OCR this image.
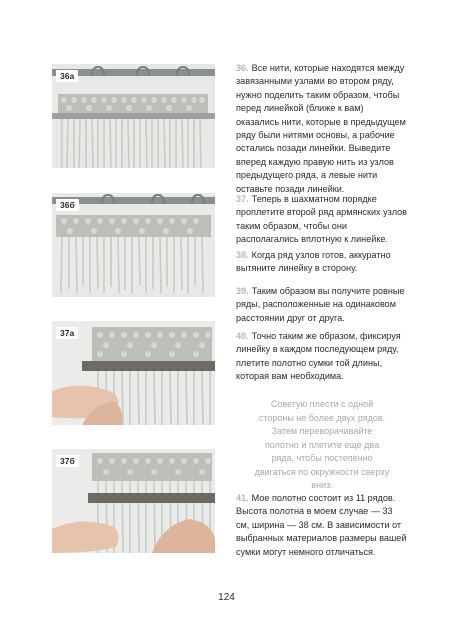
36а
36б
37а
37б
36. Все нити, которые находятся между завязанными узлами во втором ряду, нужно поделить таким образом, чтобы перед линейкой (ближе к вам) оказались нити, которые в предыдущем ряду были нитями основы, а рабочие остались позади линейки. Выведите вперед каждую правую нить из узлов предыдущего ряда, а левые нити оставьте позади линейки.
37. Теперь в шахматном порядке проплетите второй ряд армянских узлов таким образом, чтобы они располагались вплотную к линейке.
38. Когда ряд узлов готов, аккуратно вытяните линейку в сторону.
39. Таким образом вы получите ровные ряды, расположенные на одинаковом расстоянии друг от друга.
40. Точно таким же образом, фиксируя линейку в каждом последующем ряду, плетите полотно сумки той длины, которая вам необходима.
Советую плести с одной стороны не более двух рядов. Затем переворачивайте полотно и плетите еще два ряда, чтобы постепенно двигаться по окружности сверху вниз.
41. Мое полотно состоит из 11 рядов. Высота полотна в моем случае — 33 см, ширина — 38 см. В зависимости от выбранных материалов размеры вашей сумки могут немного отличаться.
124
